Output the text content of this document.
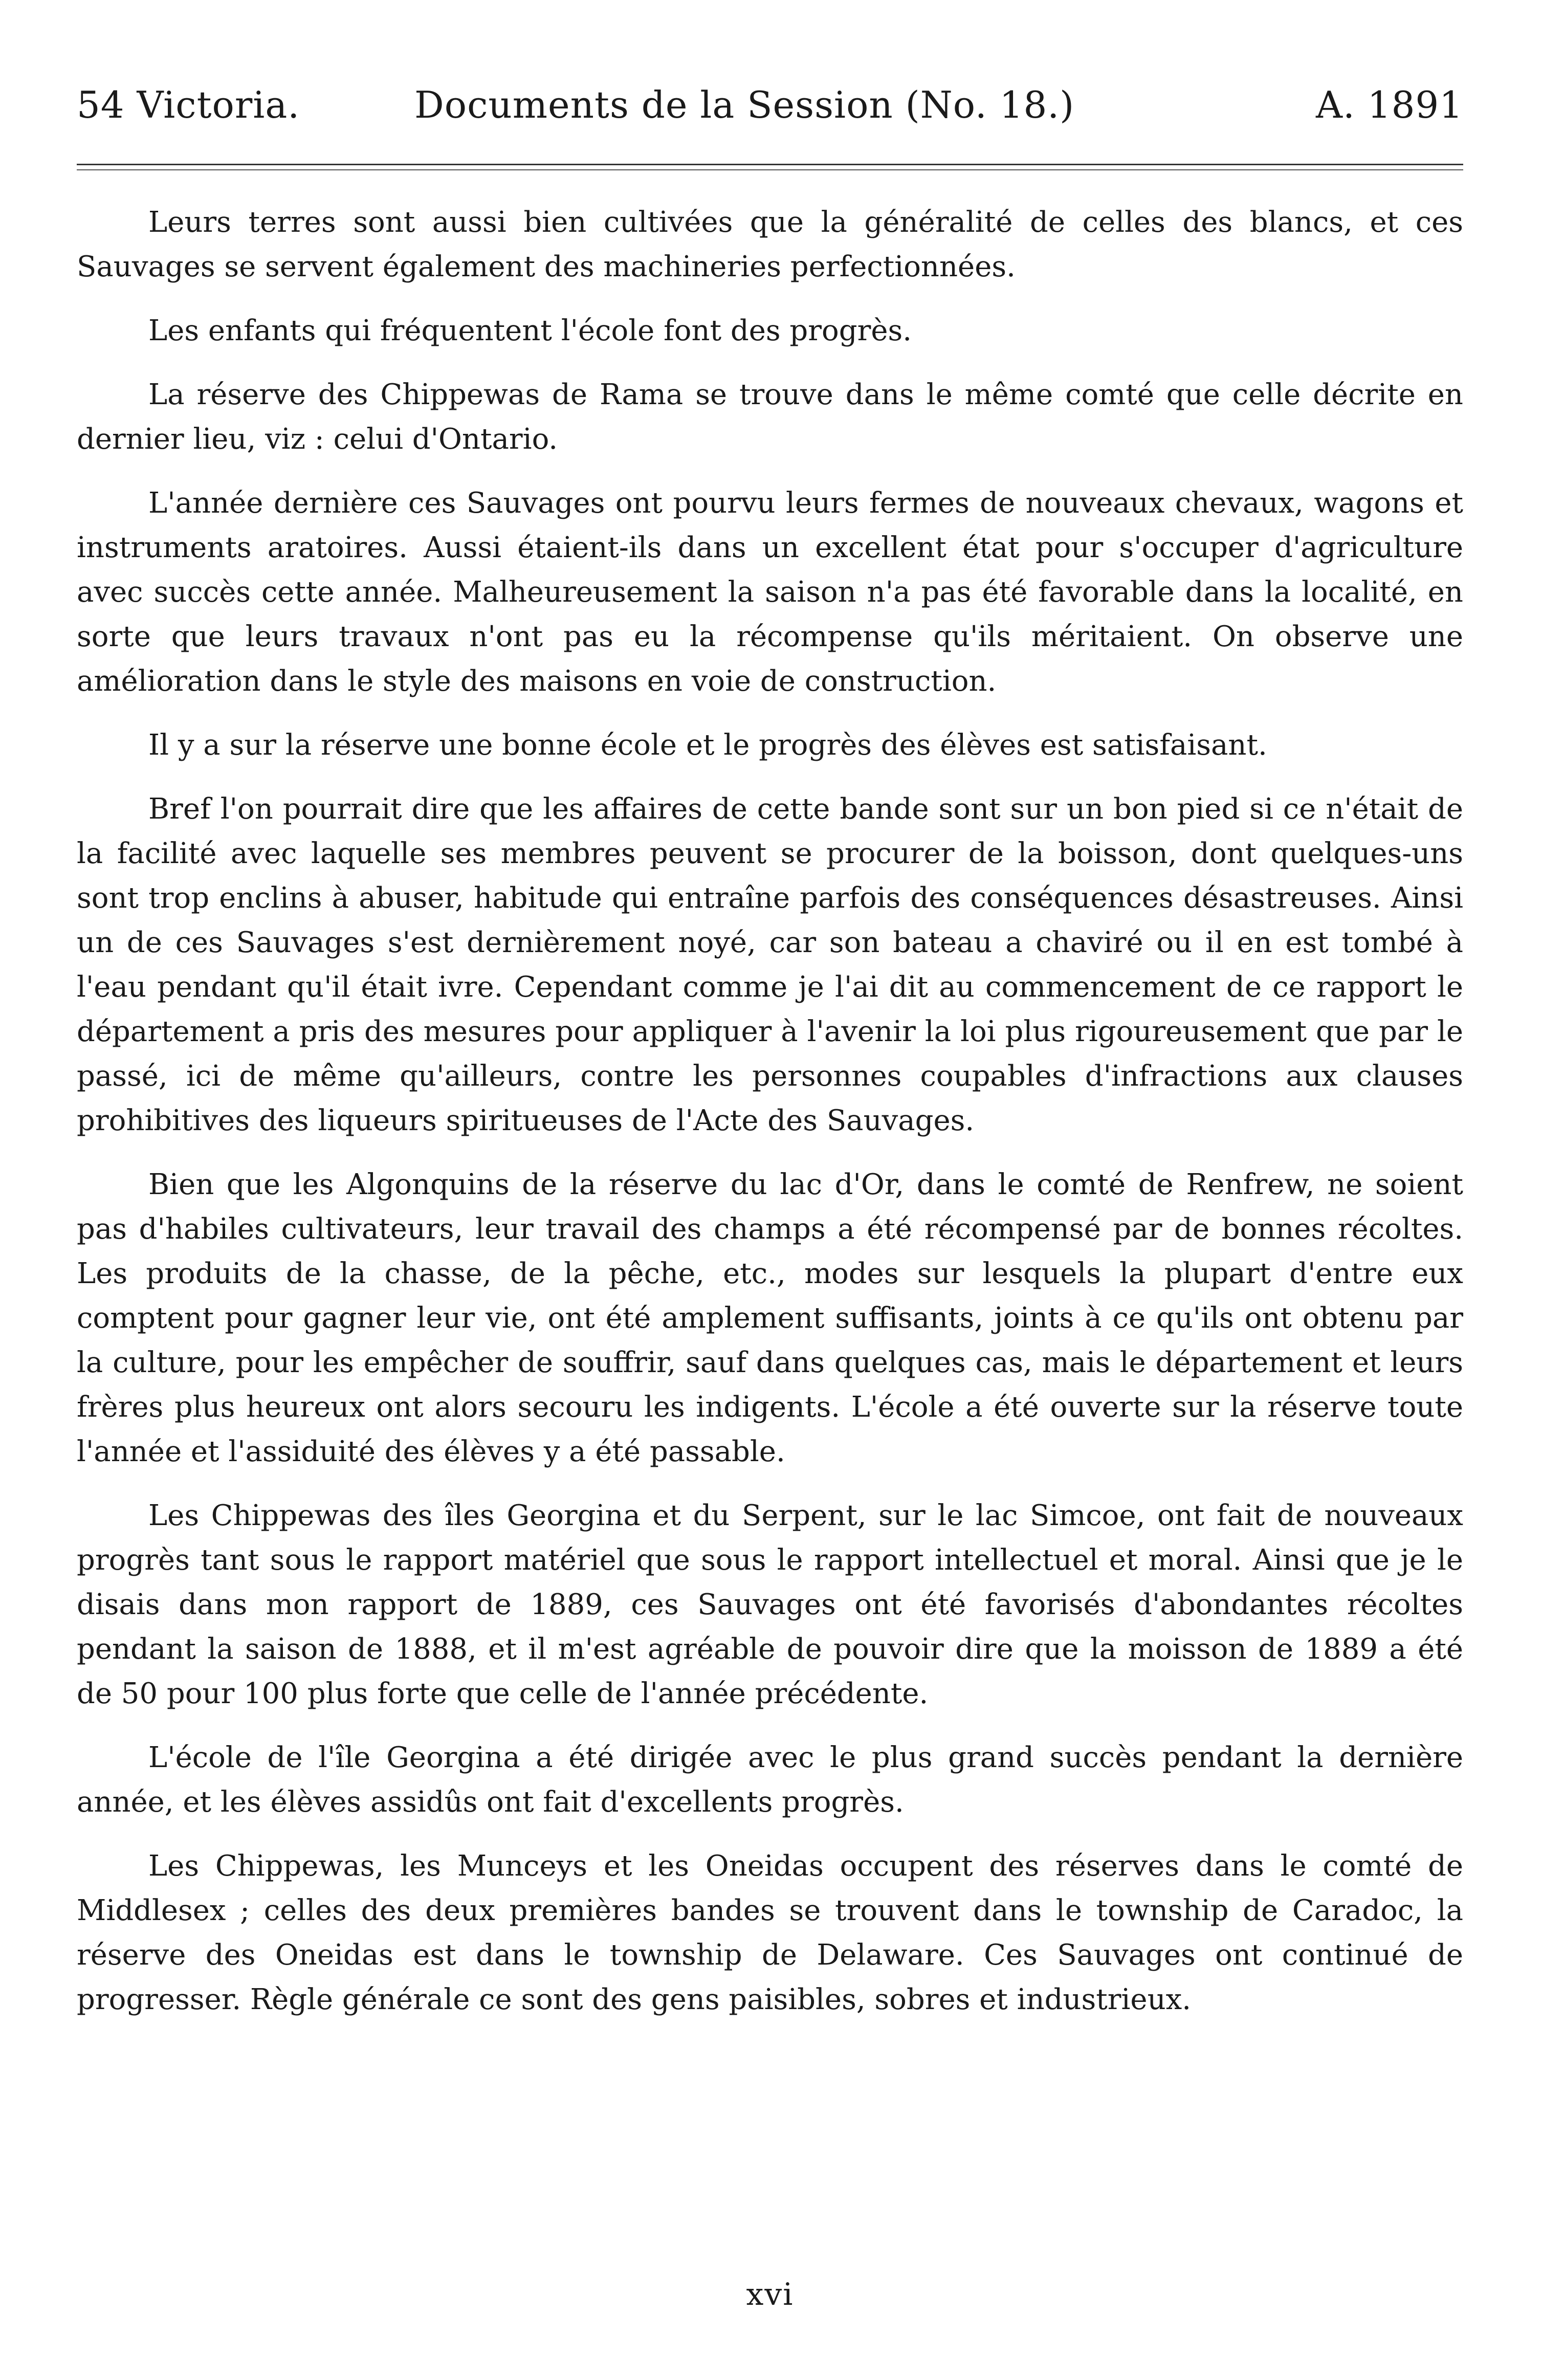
54 Victoria.	Documents de la Session (No. 18.)	A. 1891

Leurs terres sont aussi bien cultivées que la généralité de celles des blancs, et ces Sauvages se servent également des machineries perfectionnées.

Les enfants qui fréquentent l'école font des progrès.

La réserve des Chippewas de Rama se trouve dans le même comté que celle décrite en dernier lieu, viz : celui d'Ontario.

L'année dernière ces Sauvages ont pourvu leurs fermes de nouveaux chevaux, wagons et instruments aratoires. Aussi étaient-ils dans un excellent état pour s'occuper d'agriculture avec succès cette année. Malheureusement la saison n'a pas été favorable dans la localité, en sorte que leurs travaux n'ont pas eu la récompense qu'ils méritaient. On observe une amélioration dans le style des maisons en voie de construction.

Il y a sur la réserve une bonne école et le progrès des élèves est satisfaisant.

Bref l'on pourrait dire que les affaires de cette bande sont sur un bon pied si ce n'était de la facilité avec laquelle ses membres peuvent se procurer de la boisson, dont quelques-uns sont trop enclins à abuser, habitude qui entraîne parfois des conséquences désastreuses. Ainsi un de ces Sauvages s'est dernièrement noyé, car son bateau a chaviré ou il en est tombé à l'eau pendant qu'il était ivre. Cependant comme je l'ai dit au commencement de ce rapport le département a pris des mesures pour appliquer à l'avenir la loi plus rigoureusement que par le passé, ici de même qu'ailleurs, contre les personnes coupables d'infractions aux clauses prohibitives des liqueurs spiritueuses de l'Acte des Sauvages.

Bien que les Algonquins de la réserve du lac d'Or, dans le comté de Renfrew, ne soient pas d'habiles cultivateurs, leur travail des champs a été récompensé par de bonnes récoltes. Les produits de la chasse, de la pêche, etc., modes sur lesquels la plupart d'entre eux comptent pour gagner leur vie, ont été amplement suffisants, joints à ce qu'ils ont obtenu par la culture, pour les empêcher de souffrir, sauf dans quelques cas, mais le département et leurs frères plus heureux ont alors secouru les indigents. L'école a été ouverte sur la réserve toute l'année et l'assiduité des élèves y a été passable.

Les Chippewas des îles Georgina et du Serpent, sur le lac Simcoe, ont fait de nouveaux progrès tant sous le rapport matériel que sous le rapport intellectuel et moral. Ainsi que je le disais dans mon rapport de 1889, ces Sauvages ont été favorisés d'abondantes récoltes pendant la saison de 1888, et il m'est agréable de pouvoir dire que la moisson de 1889 a été de 50 pour 100 plus forte que celle de l'année précédente.

L'école de l'île Georgina a été dirigée avec le plus grand succès pendant la dernière année, et les élèves assidûs ont fait d'excellents progrès.

Les Chippewas, les Munceys et les Oneidas occupent des réserves dans le comté de Middlesex ; celles des deux premières bandes se trouvent dans le township de Caradoc, la réserve des Oneidas est dans le township de Delaware. Ces Sauvages ont continué de progresser. Règle générale ce sont des gens paisibles, sobres et industrieux.

xvi
